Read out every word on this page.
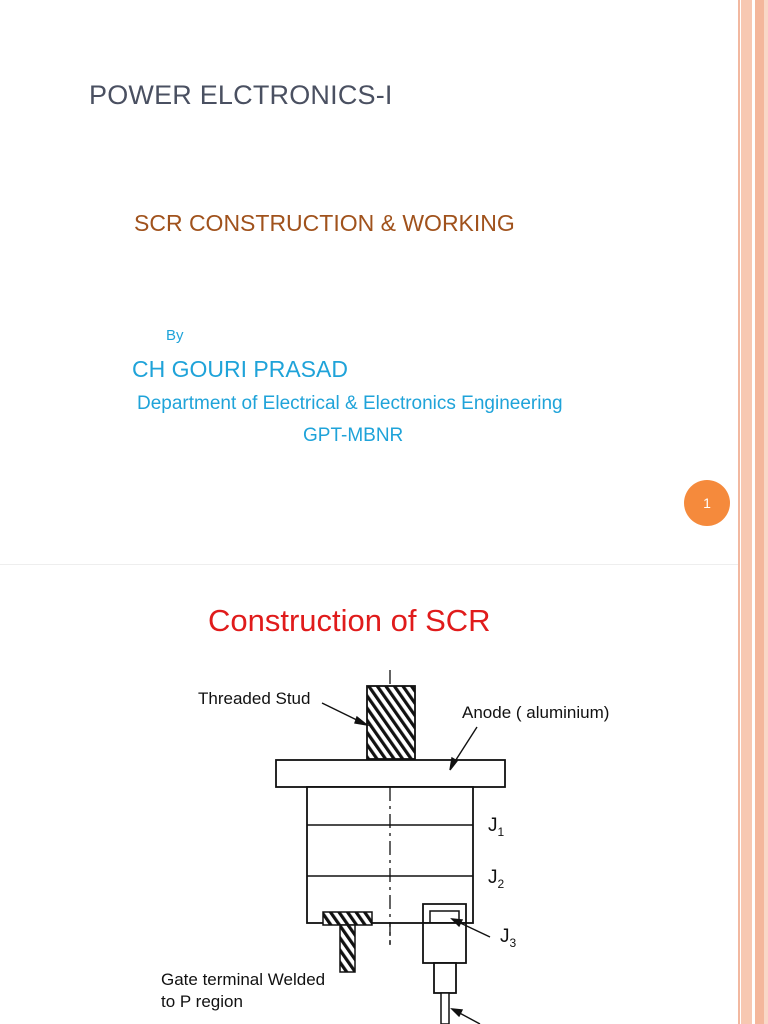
POWER ELCTRONICS-I
SCR CONSTRUCTION & WORKING
By
CH GOURI PRASAD
Department of Electrical & Electronics Engineering
GPT-MBNR
1
Construction of SCR
Threaded Stud
Anode ( aluminium)
$J_1$
$J_2$
$J_3$
Gate terminal Welded
to P region
